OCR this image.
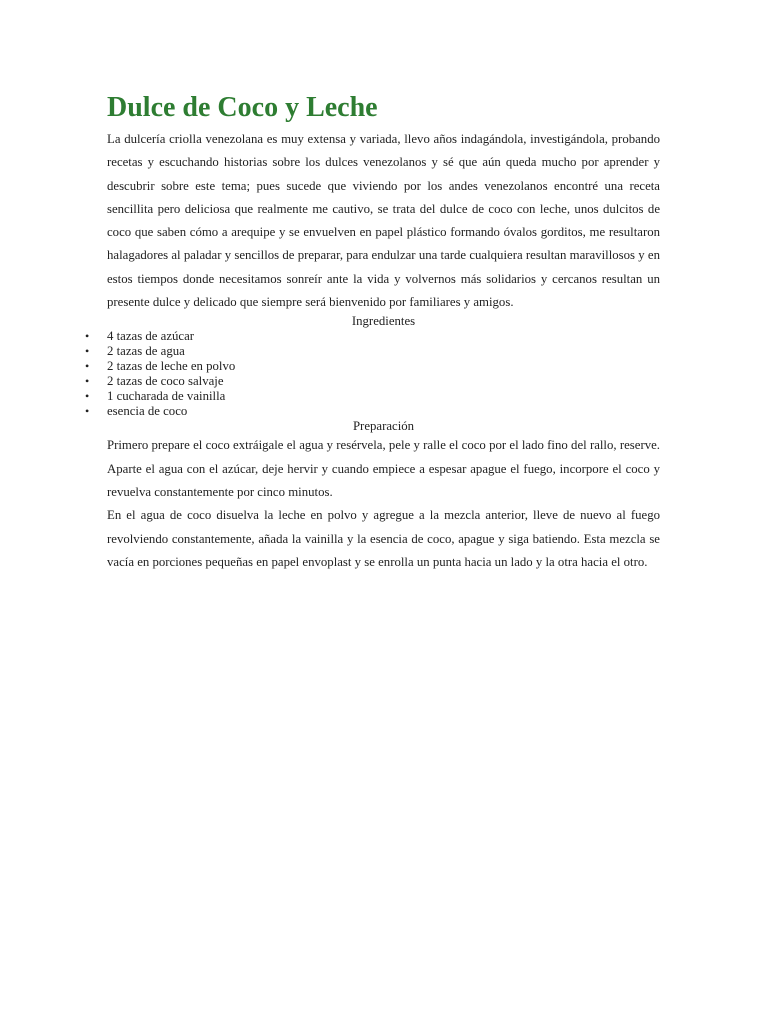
Dulce de Coco y Leche

La dulcería criolla venezolana es muy extensa y variada, llevo años indagándola, investigándola, probando recetas y escuchando historias sobre los dulces venezolanos y sé que aún queda mucho por aprender y descubrir sobre este tema; pues sucede que viviendo por los andes venezolanos encontré una receta sencillita pero deliciosa que realmente me cautivo, se trata del dulce de coco con leche, unos dulcitos de coco que saben cómo a arequipe y se envuelven en papel plástico formando óvalos gorditos, me resultaron halagadores al paladar y sencillos de preparar, para endulzar una tarde cualquiera resultan maravillosos y en estos tiempos donde necesitamos sonreír ante la vida y volvernos más solidarios y cercanos resultan un presente dulce y delicado que siempre será bienvenido por familiares y amigos.

Ingredientes
• 4 tazas de azúcar
• 2 tazas de agua
• 2 tazas de leche en polvo
• 2 tazas de coco salvaje
• 1 cucharada de vainilla
• esencia de coco
Preparación

Primero prepare el coco extráigale el agua y resérvela, pele y ralle el coco por el lado fino del rallo, reserve. Aparte el agua con el azúcar, deje hervir y cuando empiece a espesar apague el fuego, incorpore el coco y revuelva constantemente por cinco minutos.

En el agua de coco disuelva la leche en polvo y agregue a la mezcla anterior, lleve de nuevo al fuego revolviendo constantemente, añada la vainilla y la esencia de coco, apague y siga batiendo. Esta mezcla se vacía en porciones pequeñas en papel envoplast y se enrolla un punta hacia un lado y la otra hacia el otro.
